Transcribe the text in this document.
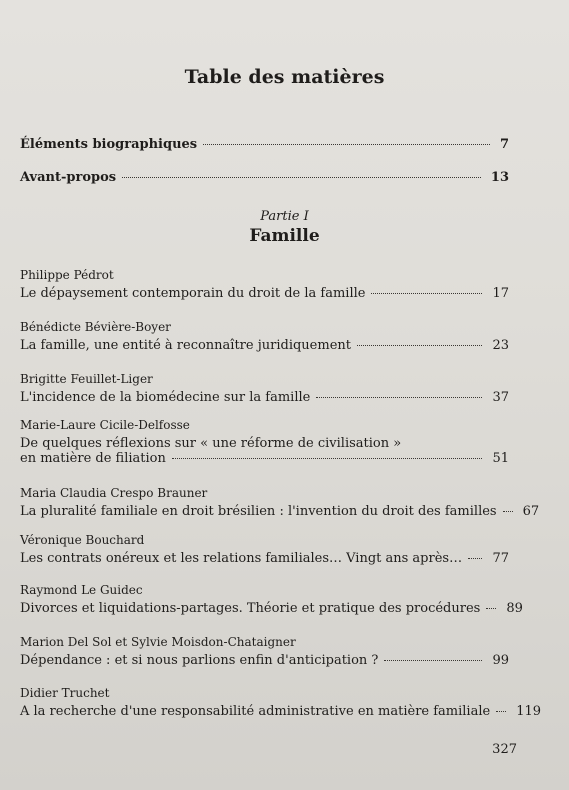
Table des matières
Éléments biographiques	7
Avant-propos	13
Partie I
Famille
Philippe Pédrot
Le dépaysement contemporain du droit de la famille	17
Bénédicte Bévière-Boyer
La famille, une entité à reconnaître juridiquement	23
Brigitte Feuillet-Liger
L'incidence de la biomédecine sur la famille	37
Marie-Laure Cicile-Delfosse
De quelques réflexions sur « une réforme de civilisation »
en matière de filiation	51
Maria Claudia Crespo Brauner
La pluralité familiale en droit brésilien : l'invention du droit des familles 67
Véronique Bouchard
Les contrats onéreux et les relations familiales… Vingt ans après… 77
Raymond Le Guidec
Divorces et liquidations-partages. Théorie et pratique des procédures 89
Marion Del Sol et Sylvie Moisdon-Chataigner
Dépendance : et si nous parlions enfin d'anticipation ?	99
Didier Truchet
A la recherche d'une responsabilité administrative en matière familiale 119
327
